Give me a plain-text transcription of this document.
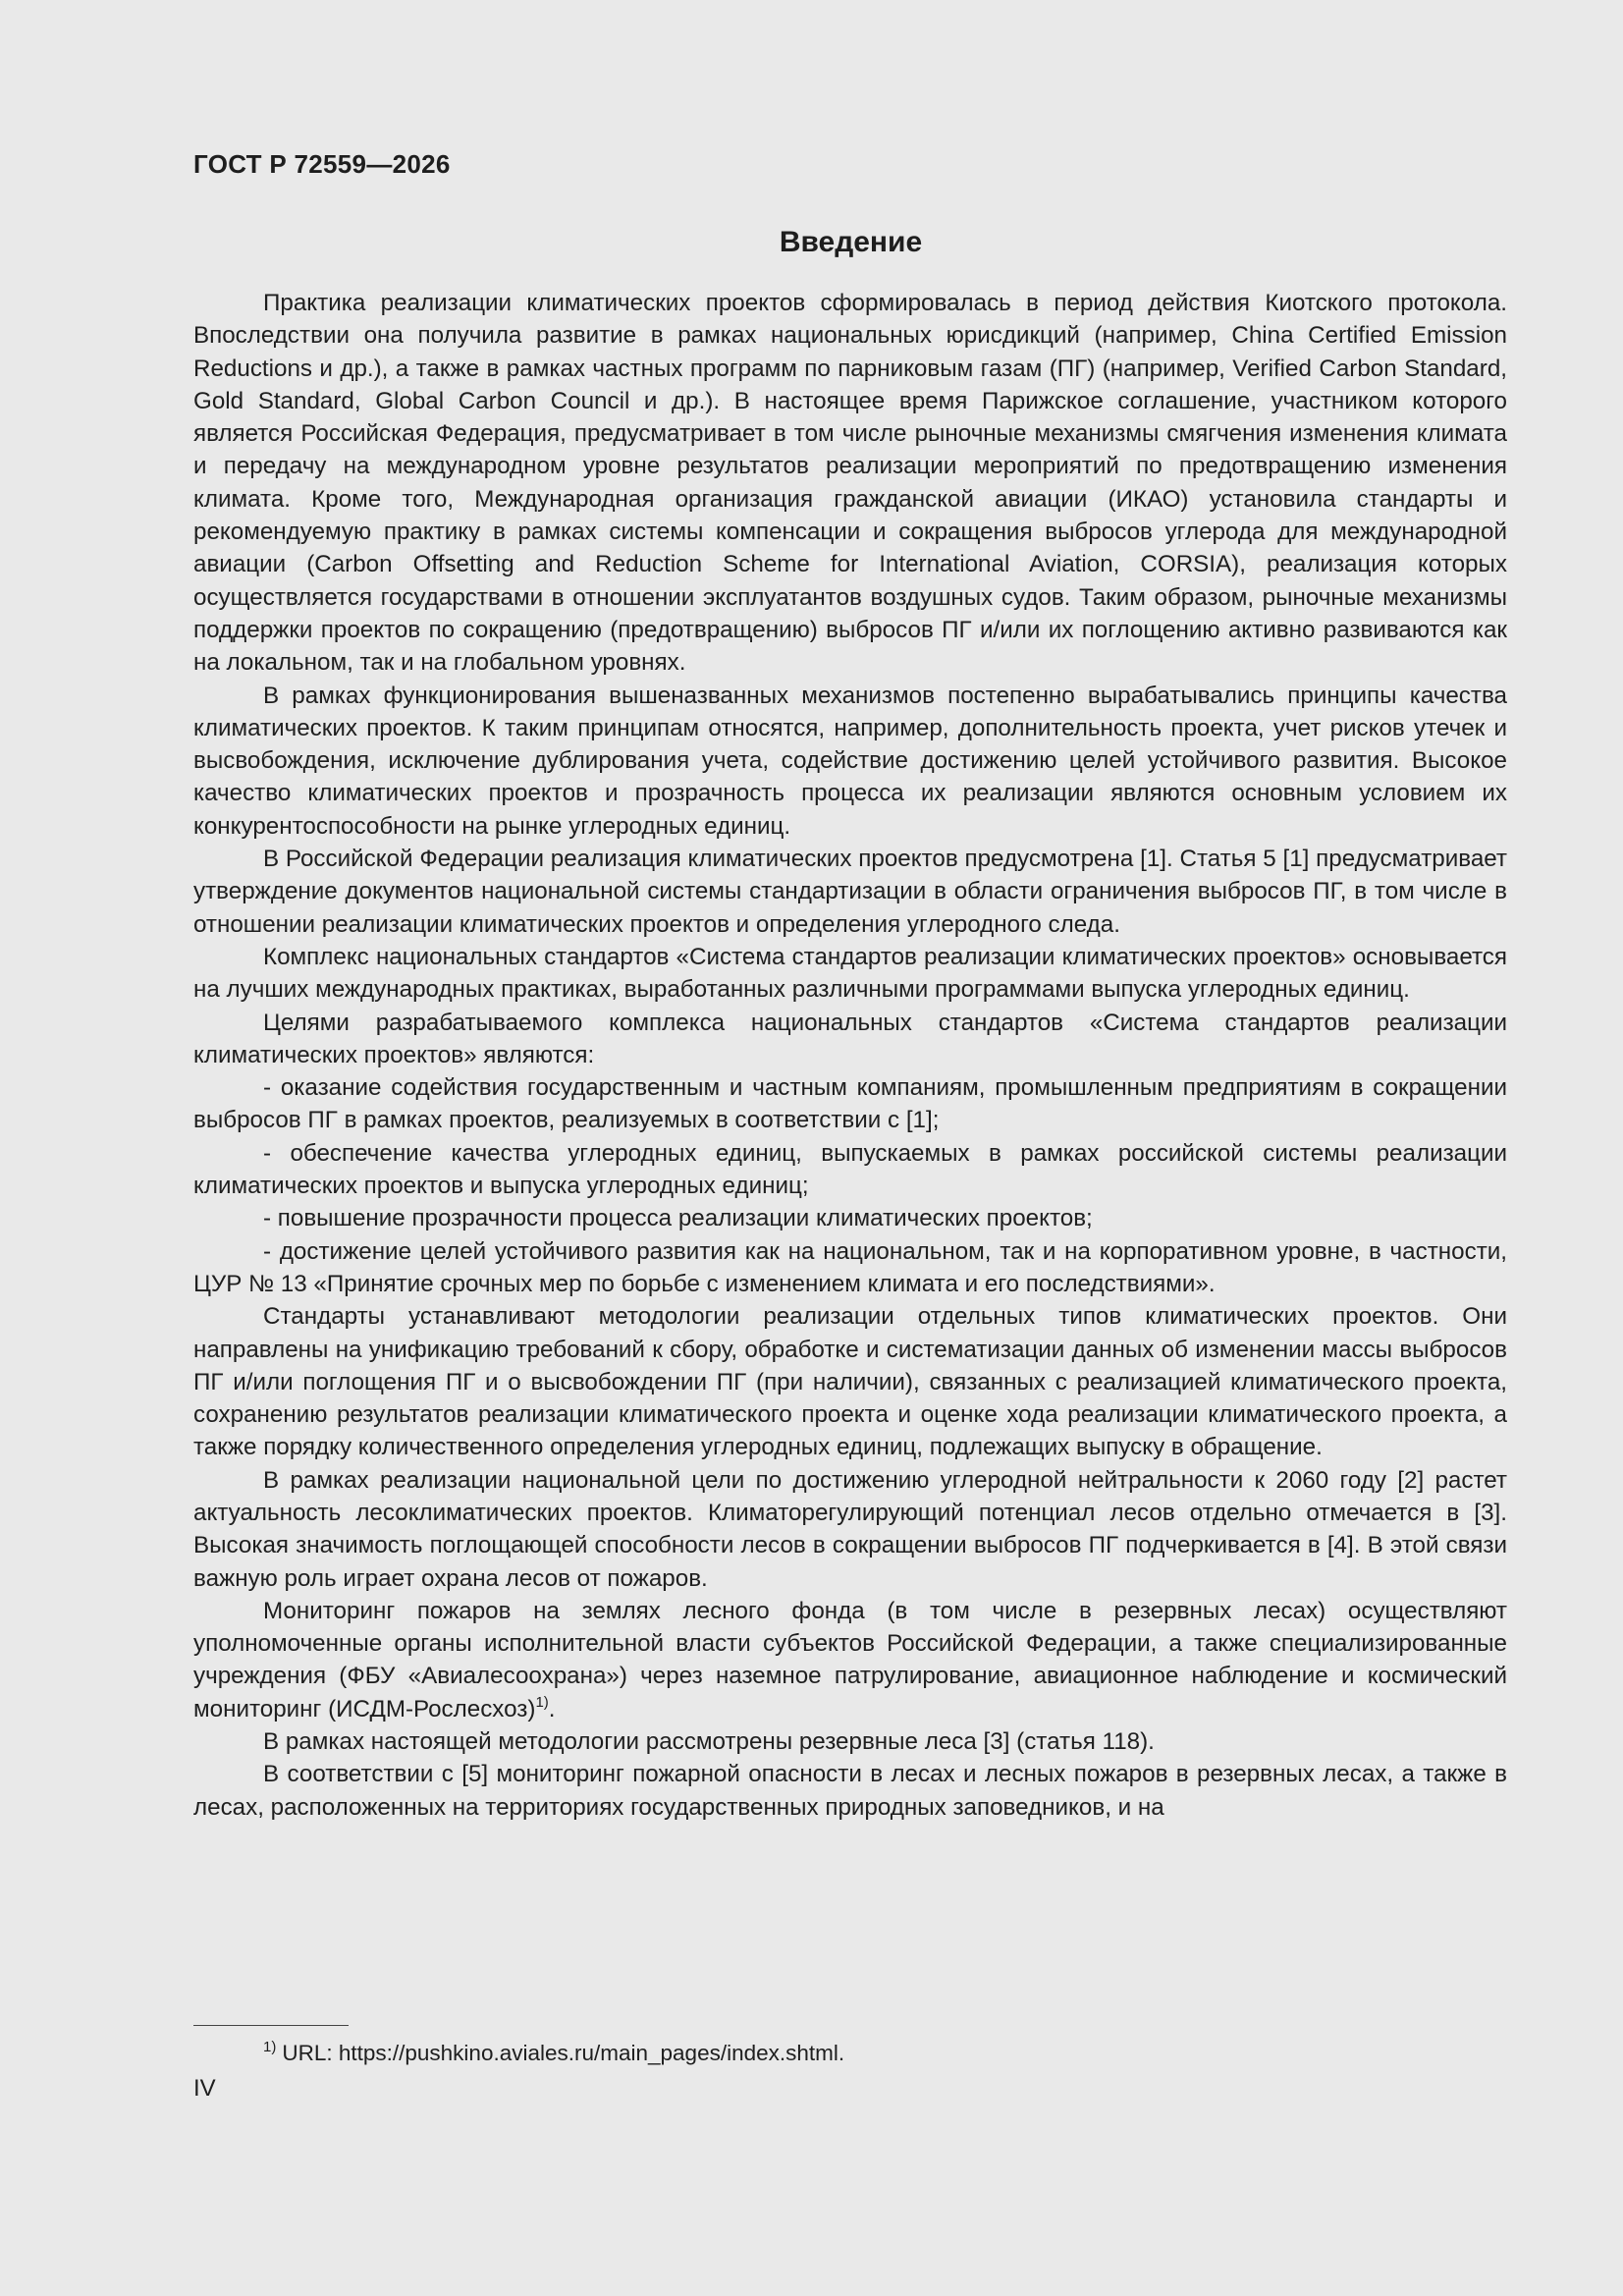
ГОСТ Р 72559—2026
Введение

Практика реализации климатических проектов сформировалась в период действия Киотского протокола. Впоследствии она получила развитие в рамках национальных юрисдикций (например, China Certified Emission Reductions и др.), а также в рамках частных программ по парниковым газам (ПГ) (например, Verified Carbon Standard, Gold Standard, Global Carbon Council и др.). В настоящее время Парижское соглашение, участником которого является Российская Федерация, предусматривает в том числе рыночные механизмы смягчения изменения климата и передачу на международном уровне результатов реализации мероприятий по предотвращению изменения климата. Кроме того, Международная организация гражданской авиации (ИКАО) установила стандарты и рекомендуемую практику в рамках системы компенсации и сокращения выбросов углерода для международной авиации (Carbon Offsetting and Reduction Scheme for International Aviation, CORSIA), реализация которых осуществляется государствами в отношении эксплуатантов воздушных судов. Таким образом, рыночные механизмы поддержки проектов по сокращению (предотвращению) выбросов ПГ и/или их поглощению активно развиваются как на локальном, так и на глобальном уровнях.

В рамках функционирования вышеназванных механизмов постепенно вырабатывались принципы качества климатических проектов. К таким принципам относятся, например, дополнительность проекта, учет рисков утечек и высвобождения, исключение дублирования учета, содействие достижению целей устойчивого развития. Высокое качество климатических проектов и прозрачность процесса их реализации являются основным условием их конкурентоспособности на рынке углеродных единиц.

В Российской Федерации реализация климатических проектов предусмотрена [1]. Статья 5 [1] предусматривает утверждение документов национальной системы стандартизации в области ограничения выбросов ПГ, в том числе в отношении реализации климатических проектов и определения углеродного следа.

Комплекс национальных стандартов «Система стандартов реализации климатических проектов» основывается на лучших международных практиках, выработанных различными программами выпуска углеродных единиц.

Целями разрабатываемого комплекса национальных стандартов «Система стандартов реализации климатических проектов» являются:

- оказание содействия государственным и частным компаниям, промышленным предприятиям в сокращении выбросов ПГ в рамках проектов, реализуемых в соответствии с [1];

- обеспечение качества углеродных единиц, выпускаемых в рамках российской системы реализации климатических проектов и выпуска углеродных единиц;

- повышение прозрачности процесса реализации климатических проектов;

- достижение целей устойчивого развития как на национальном, так и на корпоративном уровне, в частности, ЦУР № 13 «Принятие срочных мер по борьбе с изменением климата и его последствиями».

Стандарты устанавливают методологии реализации отдельных типов климатических проектов. Они направлены на унификацию требований к сбору, обработке и систематизации данных об изменении массы выбросов ПГ и/или поглощения ПГ и о высвобождении ПГ (при наличии), связанных с реализацией климатического проекта, сохранению результатов реализации климатического проекта и оценке хода реализации климатического проекта, а также порядку количественного определения углеродных единиц, подлежащих выпуску в обращение.

В рамках реализации национальной цели по достижению углеродной нейтральности к 2060 году [2] растет актуальность лесоклиматических проектов. Климаторегулирующий потенциал лесов отдельно отмечается в [3]. Высокая значимость поглощающей способности лесов в сокращении выбросов ПГ подчеркивается в [4]. В этой связи важную роль играет охрана лесов от пожаров.

Мониторинг пожаров на землях лесного фонда (в том числе в резервных лесах) осуществляют уполномоченные органы исполнительной власти субъектов Российской Федерации, а также специализированные учреждения (ФБУ «Авиалесоохрана») через наземное патрулирование, авиационное наблюдение и космический мониторинг (ИСДМ-Рослесхоз)$^{1)}$.

В рамках настоящей методологии рассмотрены резервные леса [3] (статья 118).

В соответствии с [5] мониторинг пожарной опасности в лесах и лесных пожаров в резервных лесах, а также в лесах, расположенных на территориях государственных природных заповедников, и на

$^{1)}$ URL: https://pushkino.aviales.ru/main_pages/index.shtml.
IV
